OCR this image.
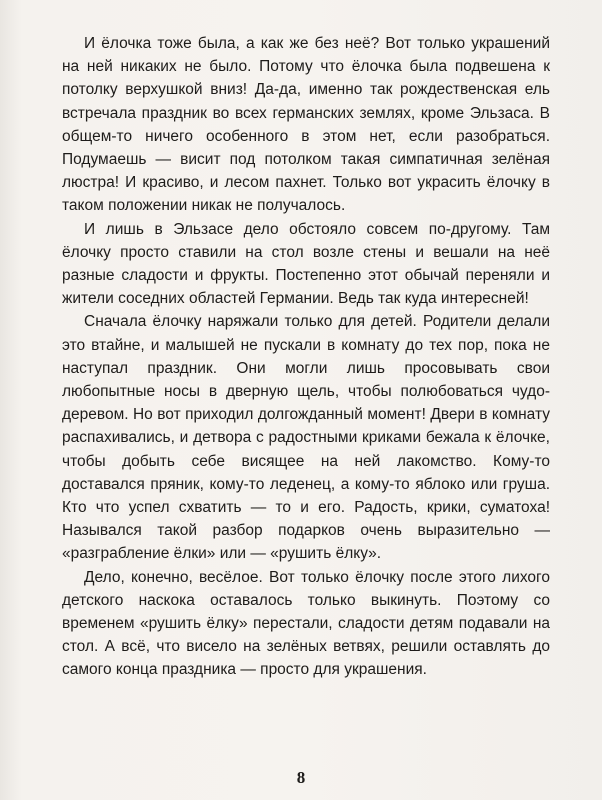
И ёлочка тоже была, а как же без неё? Вот только украшений на ней никаких не было. Потому что ёлочка была подвешена к потолку верхушкой вниз! Да-да, именно так рождественская ель встречала праздник во всех германских землях, кроме Эльзаса. В общем-то ничего особенного в этом нет, если разобраться. Подумаешь — висит под потолком такая симпатичная зелёная люстра! И красиво, и лесом пахнет. Только вот украсить ёлочку в таком положении никак не получалось.

И лишь в Эльзасе дело обстояло совсем по-другому. Там ёлочку просто ставили на стол возле стены и вешали на неё разные сладости и фрукты. Постепенно этот обычай переняли и жители соседних областей Германии. Ведь так куда интересней!

Сначала ёлочку наряжали только для детей. Родители делали это втайне, и малышей не пускали в комнату до тех пор, пока не наступал праздник. Они могли лишь просовывать свои любопытные носы в дверную щель, чтобы полюбоваться чудо-деревом. Но вот приходил долгожданный момент! Двери в комнату распахивались, и детвора с радостными криками бежала к ёлочке, чтобы добыть себе висящее на ней лакомство. Кому-то доставался пряник, кому-то леденец, а кому-то яблоко или груша. Кто что успел схватить — то и его. Радость, крики, суматоха! Назывался такой разбор подарков очень выразительно — «разграбление ёлки» или — «рушить ёлку».

Дело, конечно, весёлое. Вот только ёлочку после этого лихого детского наскока оставалось только выкинуть. Поэтому со временем «рушить ёлку» перестали, сладости детям подавали на стол. А всё, что висело на зелёных ветвях, решили оставлять до самого конца праздника — просто для украшения.

8
